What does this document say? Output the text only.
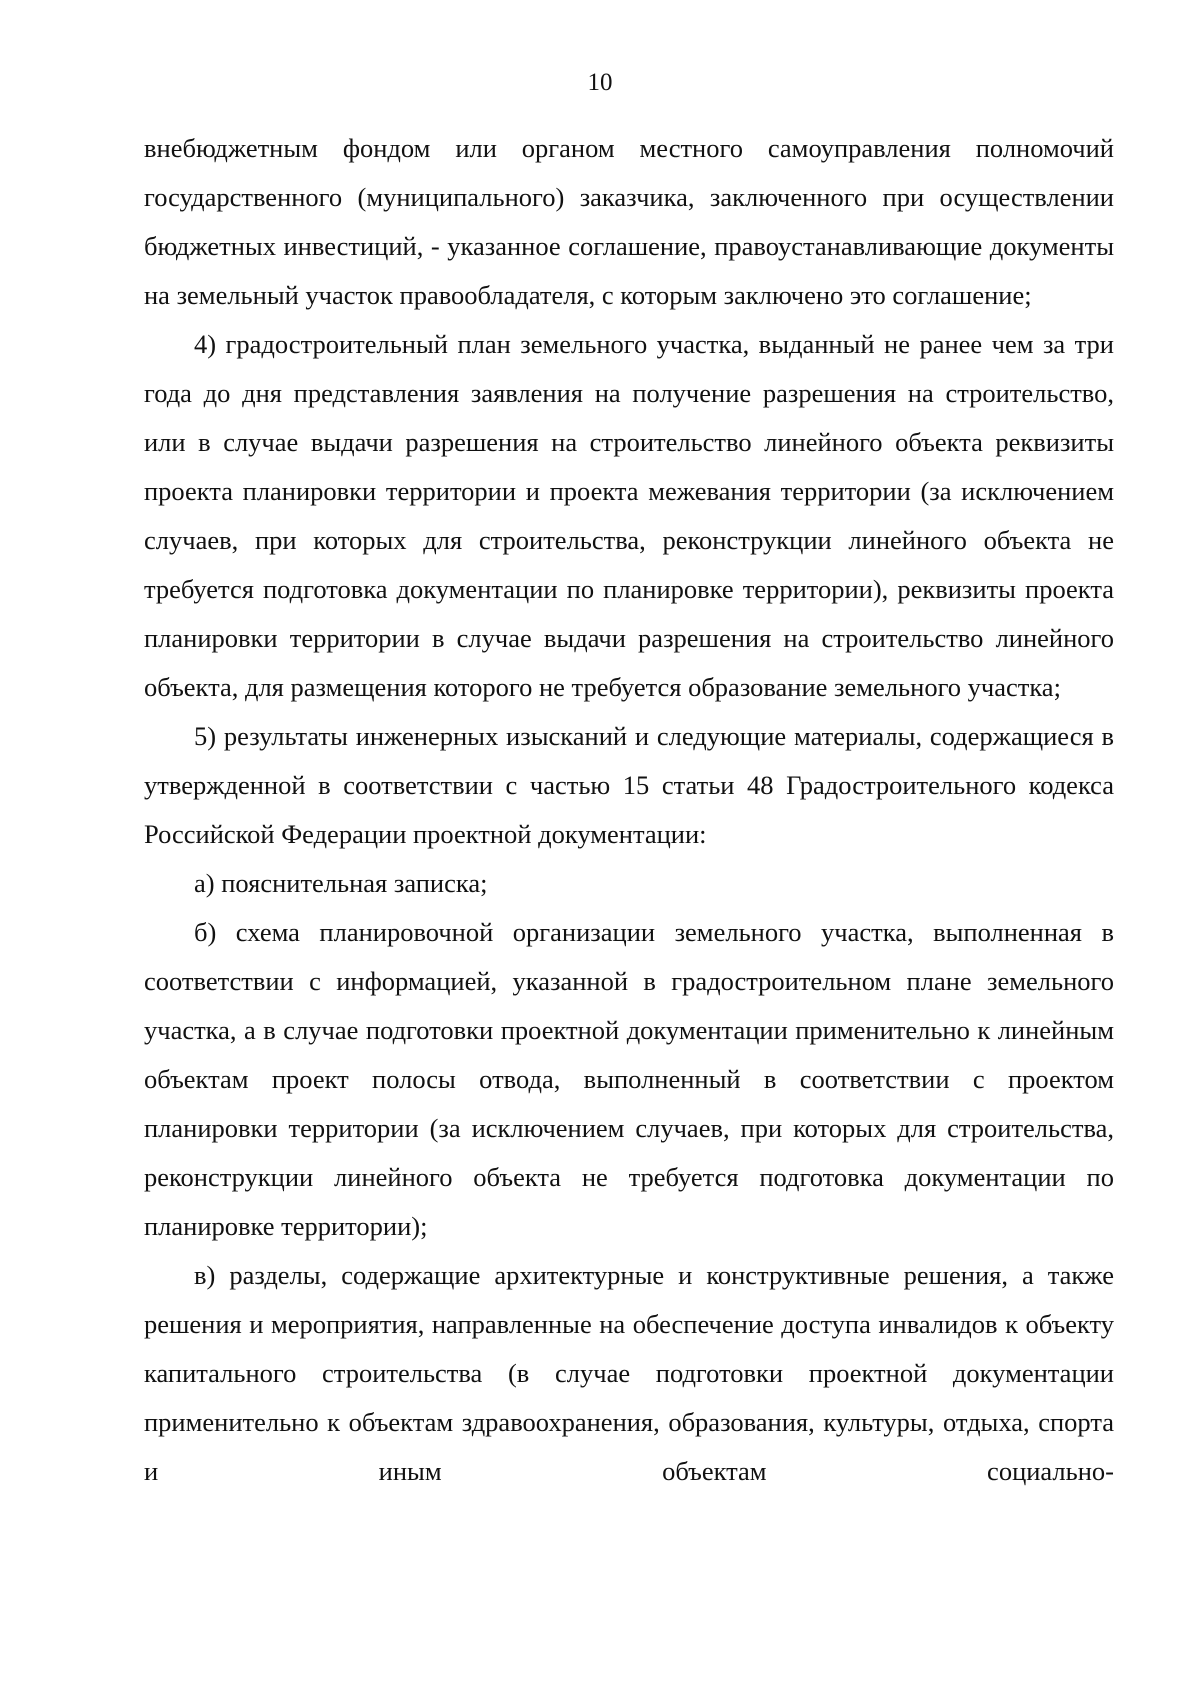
10

внебюджетным фондом или органом местного самоуправления полномочий государственного (муниципального) заказчика, заключенного при осуществлении бюджетных инвестиций, - указанное соглашение, правоустанавливающие документы на земельный участок правообладателя, с которым заключено это соглашение;

4) градостроительный план земельного участка, выданный не ранее чем за три года до дня представления заявления на получение разрешения на строительство, или в случае выдачи разрешения на строительство линейного объекта реквизиты проекта планировки территории и проекта межевания территории (за исключением случаев, при которых для строительства, реконструкции линейного объекта не требуется подготовка документации по планировке территории), реквизиты проекта планировки территории в случае выдачи разрешения на строительство линейного объекта, для размещения которого не требуется образование земельного участка;

5) результаты инженерных изысканий и следующие материалы, содержащиеся в утвержденной в соответствии с частью 15 статьи 48 Градостроительного кодекса Российской Федерации проектной документации:

а) пояснительная записка;

б) схема планировочной организации земельного участка, выполненная в соответствии с информацией, указанной в градостроительном плане земельного участка, а в случае подготовки проектной документации применительно к линейным объектам проект полосы отвода, выполненный в соответствии с проектом планировки территории (за исключением случаев, при которых для строительства, реконструкции линейного объекта не требуется подготовка документации по планировке территории);

в) разделы, содержащие архитектурные и конструктивные решения, а также решения и мероприятия, направленные на обеспечение доступа инвалидов к объекту капитального строительства (в случае подготовки проектной документации применительно к объектам здравоохранения, образования, культуры, отдыха, спорта и иным объектам социально-
